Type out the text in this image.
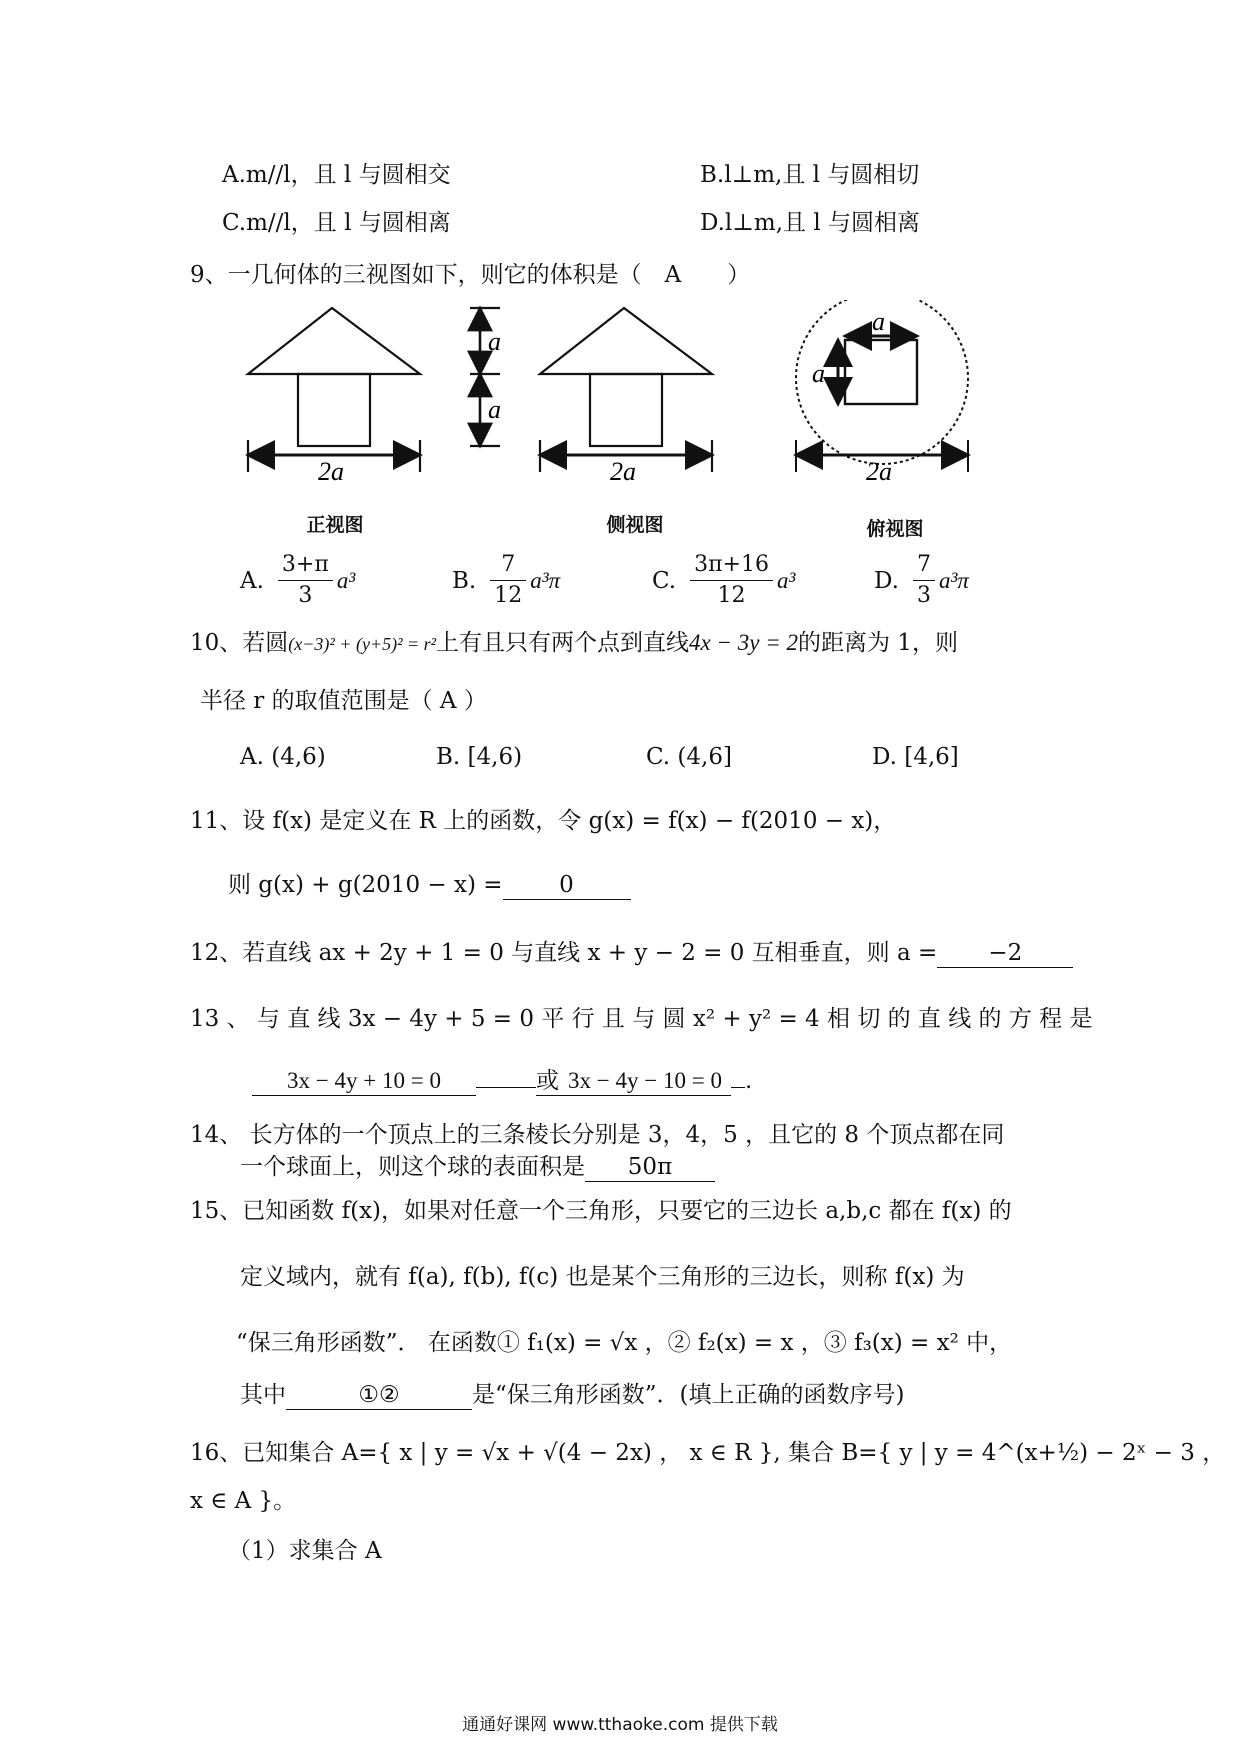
A.m//l，且 l 与圆相交	B.l⊥m,且 l 与圆相切
C.m//l，且 l 与圆相离	D.l⊥m,且 l 与圆相离
9、一几何体的三视图如下，则它的体积是（　A　　）
2a
a
a
2a
a
a
2a
正视图	侧视图	俯视图
A. $\frac{3+\pi}{3} a^3$	B. $\frac{7}{12} a^3\pi$	C. $\frac{3\pi+16}{12} a^3$	D. $\frac{7}{3} a^3\pi$
10、若圆(x−3)² + (y+5)² = r²上有且只有两个点到直线4x − 3y = 2的距离为 1，则
半径 r 的取值范围是（ A ）
A. (4,6)	B. [4,6)	C. (4,6]	D. [4,6]
11、设 f(x) 是定义在 R 上的函数，令 g(x) = f(x) − f(2010 − x)，
则 g(x) + g(2010 − x) = 0
12、若直线 ax + 2y + 1 = 0 与直线 x + y − 2 = 0 互相垂直，则 a = −2
13 、 与 直 线 3x − 4y + 5 = 0 平 行 且 与 圆 x² + y² = 4 相 切 的 直 线 的 方 程 是
3x − 4y + 10 = 0	或 3x − 4y − 10 = 0 .
14、 长方体的一个顶点上的三条棱长分别是 3，4，5 ，且它的 8 个顶点都在同
一个球面上，则这个球的表面积是 50π
15、已知函数 f(x)，如果对任意一个三角形，只要它的三边长 a,b,c 都在 f(x) 的
定义域内，就有 f(a), f(b), f(c) 也是某个三角形的三边长，则称 f(x) 为
“保三角形函数”． 在函数① f₁(x) = √x ，② f₂(x) = x ，③ f₃(x) = x² 中，
其中	①②	是“保三角形函数”．(填上正确的函数序号)
16、已知集合 A={ x | y = √x + √(4 − 2x) ， x ∈ R }, 集合 B={ y | y = 4^(x+½) − 2ˣ − 3 ，
x ∈ A }。
（1）求集合 A
通通好课网 www.tthaoke.com 提供下载
